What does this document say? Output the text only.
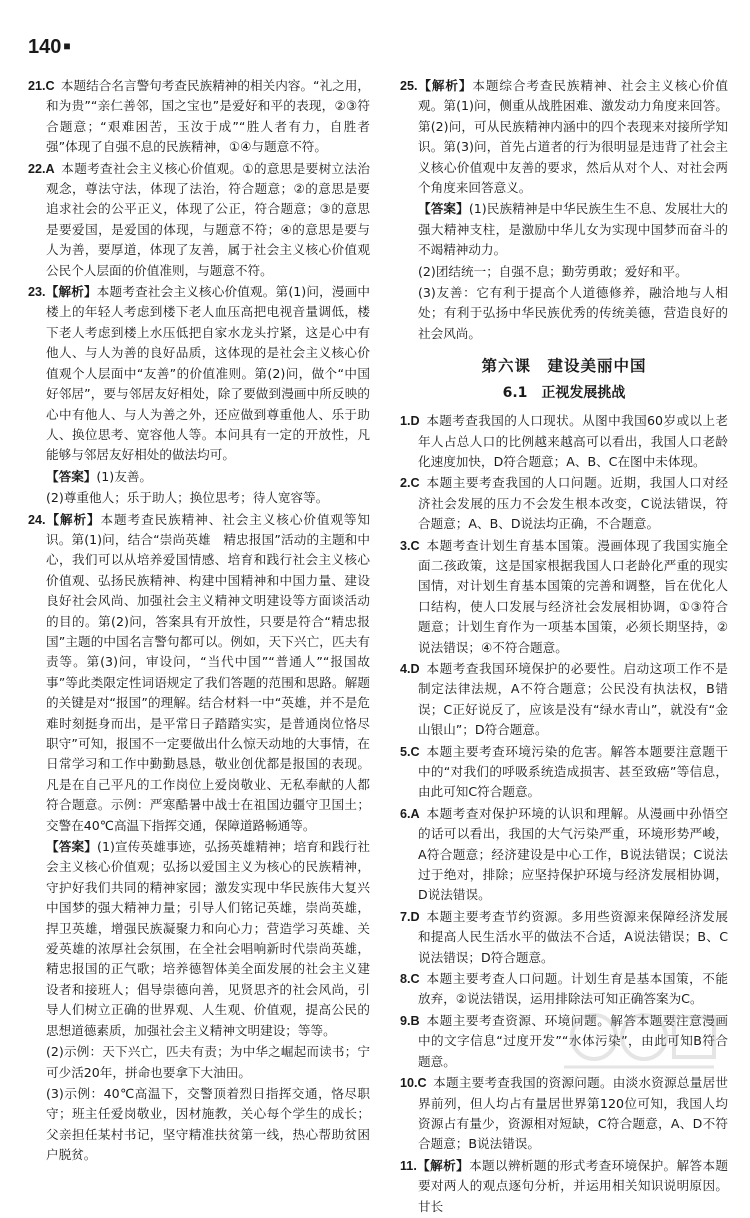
140 ■

21.C  本题结合名言警句考查民族精神的相关内容。“礼之用，和为贵”“亲仁善邻，国之宝也”是爱好和平的表现，②③符合题意；“艰难困苦，玉汝于成”“胜人者有力，自胜者强”体现了自强不息的民族精神，①④与题意不符。

22.A  本题考查社会主义核心价值观。①的意思是要树立法治观念，尊法守法，体现了法治，符合题意；②的意思是要追求社会的公平正义，体现了公正，符合题意；③的意思是要爱国，是爱国的体现，与题意不符；④的意思是要与人为善，要厚道，体现了友善，属于社会主义核心价值观公民个人层面的价值准则，与题意不符。

23.【解析】本题考查社会主义核心价值观。第(1)问，漫画中楼上的年轻人考虑到楼下老人血压高把电视音量调低，楼下老人考虑到楼上水压低把自家水龙头拧紧，这是心中有他人、与人为善的良好品质，这体现的是社会主义核心价值观个人层面中“友善”的价值准则。第(2)问，做个“中国好邻居”，要与邻居友好相处，除了要做到漫画中所反映的心中有他人、与人为善之外，还应做到尊重他人、乐于助人、换位思考、宽容他人等。本问具有一定的开放性，凡能够与邻居友好相处的做法均可。

【答案】(1)友善。

(2)尊重他人；乐于助人；换位思考；待人宽容等。

24.【解析】本题考查民族精神、社会主义核心价值观等知识。第(1)问，结合“崇尚英雄　精忠报国”活动的主题和中心，我们可以从培养爱国情感、培育和践行社会主义核心价值观、弘扬民族精神、构建中国精神和中国力量、建设良好社会风尚、加强社会主义精神文明建设等方面谈活动的目的。第(2)问，答案具有开放性，只要是符合“精忠报国”主题的中国名言警句都可以。例如，天下兴亡，匹夫有责等。第(3)问，审设问，“当代中国”“普通人”“报国故事”等此类限定性词语规定了我们答题的范围和思路。解题的关键是对“报国”的理解。结合材料一中“英雄，并不是危难时刻挺身而出，是平常日子踏踏实实，是普通岗位恪尽职守”可知，报国不一定要做出什么惊天动地的大事情，在日常学习和工作中勤勤恳恳，敬业创优都是报国的表现。凡是在自己平凡的工作岗位上爱岗敬业、无私奉献的人都符合题意。示例：严寒酷暑中战士在祖国边疆守卫国土；交警在40℃高温下指挥交通，保障道路畅通等。

【答案】(1)宣传英雄事迹，弘扬英雄精神；培育和践行社会主义核心价值观；弘扬以爱国主义为核心的民族精神，守护好我们共同的精神家园；激发实现中华民族伟大复兴中国梦的强大精神力量；引导人们铭记英雄，崇尚英雄，捍卫英雄，增强民族凝聚力和向心力；营造学习英雄、关爱英雄的浓厚社会氛围，在全社会唱响新时代崇尚英雄，精忠报国的正气歌；培养德智体美全面发展的社会主义建设者和接班人；倡导崇德向善，见贤思齐的社会风尚，引导人们树立正确的世界观、人生观、价值观，提高公民的思想道德素质，加强社会主义精神文明建设；等等。

(2)示例：天下兴亡，匹夫有责；为中华之崛起而读书；宁可少活20年，拼命也要拿下大油田。

(3)示例：40℃高温下，交警顶着烈日指挥交通，恪尽职守；班主任爱岗敬业，因材施教，关心每个学生的成长；父亲担任某村书记，坚守精准扶贫第一线，热心帮助贫困户脱贫。

25.【解析】本题综合考查民族精神、社会主义核心价值观。第(1)问，侧重从战胜困难、激发动力角度来回答。第(2)问，可从民族精神内涵中的四个表现来对接所学知识。第(3)问，首先占道者的行为很明显是违背了社会主义核心价值观中友善的要求，然后从对个人、对社会两个角度来回答意义。

【答案】(1)民族精神是中华民族生生不息、发展壮大的强大精神支柱，是激励中华儿女为实现中国梦而奋斗的不竭精神动力。

(2)团结统一；自强不息；勤劳勇敢；爱好和平。

(3)友善：它有利于提高个人道德修养，融洽地与人相处；有利于弘扬中华民族优秀的传统美德，营造良好的社会风尚。

第六课　建设美丽中国
6.1　正视发展挑战

1.D  本题考查我国的人口现状。从图中我国60岁或以上老年人占总人口的比例越来越高可以看出，我国人口老龄化速度加快，D符合题意；A、B、C在图中未体现。

2.C  本题主要考查我国的人口问题。近期，我国人口对经济社会发展的压力不会发生根本改变，C说法错误，符合题意；A、B、D说法均正确，不合题意。

3.C  本题考查计划生育基本国策。漫画体现了我国实施全面二孩政策，这是国家根据我国人口老龄化严重的现实国情，对计划生育基本国策的完善和调整，旨在优化人口结构，使人口发展与经济社会发展相协调，①③符合题意；计划生育作为一项基本国策，必须长期坚持，②说法错误；④不符合题意。

4.D  本题考查我国环境保护的必要性。启动这项工作不是制定法律法规，A不符合题意；公民没有执法权，B错误；C正好说反了，应该是没有“绿水青山”，就没有“金山银山”；D符合题意。

5.C  本题主要考查环境污染的危害。解答本题要注意题干中的“对我们的呼吸系统造成损害、甚至致癌”等信息，由此可知C符合题意。

6.A  本题考查对保护环境的认识和理解。从漫画中孙悟空的话可以看出，我国的大气污染严重，环境形势严峻，A符合题意；经济建设是中心工作，B说法错误；C说法过于绝对，排除；应坚持保护环境与经济发展相协调，D说法错误。

7.D  本题主要考查节约资源。多用些资源来保障经济发展和提高人民生活水平的做法不合适，A说法错误；B、C说法错误；D符合题意。

8.C  本题主要考查人口问题。计划生育是基本国策，不能放弃，②说法错误，运用排除法可知正确答案为C。

9.B  本题主要考查资源、环境问题。解答本题要注意漫画中的文字信息“过度开发”“水体污染”，由此可知B符合题意。

10.C  本题主要考查我国的资源问题。由淡水资源总量居世界前列，但人均占有量居世界第120位可知，我国人均资源占有量少，资源相对短缺，C符合题意，A、D不符合题意；B说法错误。

11.【解析】本题以辨析题的形式考查环境保护。解答本题要对两人的观点逐句分析，并运用相关知识说明原因。甘长
